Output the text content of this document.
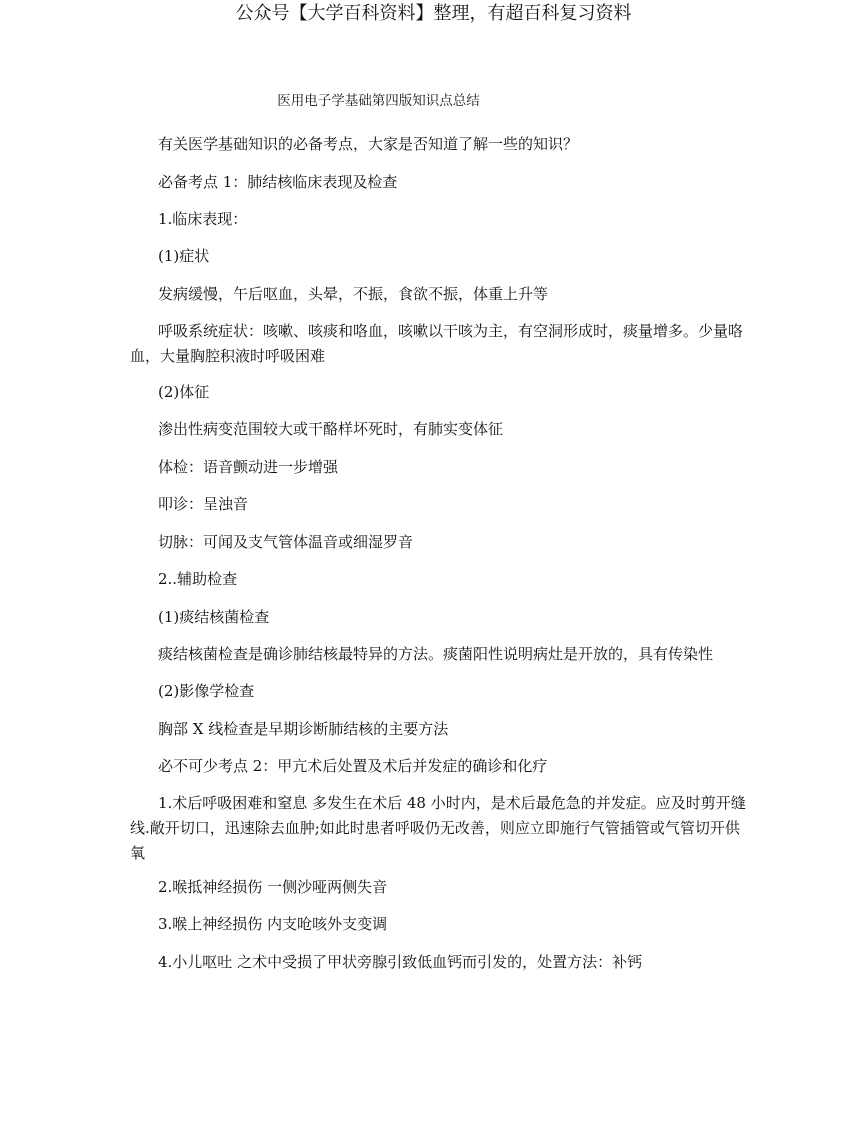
公众号【大学百科资料】整理，有超百科复习资料
医用电子学基础第四版知识点总结

有关医学基础知识的必备考点，大家是否知道了解一些的知识？

必备考点 1：肺结核临床表现及检查

1.临床表现：

(1)症状

发病缓慢，午后呕血，头晕，不振，食欲不振，体重上升等

呼吸系统症状：咳嗽、咳痰和咯血，咳嗽以干咳为主，有空洞形成时，痰量增多。少量咯血，大量胸腔积液时呼吸困难

(2)体征

渗出性病变范围较大或干酪样坏死时，有肺实变体征

体检：语音颤动进一步增强

叩诊：呈浊音

切脉：可闻及支气管体温音或细湿罗音

2..辅助检查

(1)痰结核菌检查

痰结核菌检查是确诊肺结核最特异的方法。痰菌阳性说明病灶是开放的，具有传染性

(2)影像学检查

胸部 X 线检查是早期诊断肺结核的主要方法

必不可少考点 2：甲亢术后处置及术后并发症的确诊和化疗

1.术后呼吸困难和窒息 多发生在术后 48 小时内，是术后最危急的并发症。应及时剪开缝线.敞开切口，迅速除去血肿;如此时患者呼吸仍无改善，则应立即施行气管插管或气管切开供氧

2.喉抵神经损伤 一侧沙哑两侧失音

3.喉上神经损伤 内支呛咳外支变调

4.小儿呕吐 之术中受损了甲状旁腺引致低血钙而引发的，处置方法：补钙
